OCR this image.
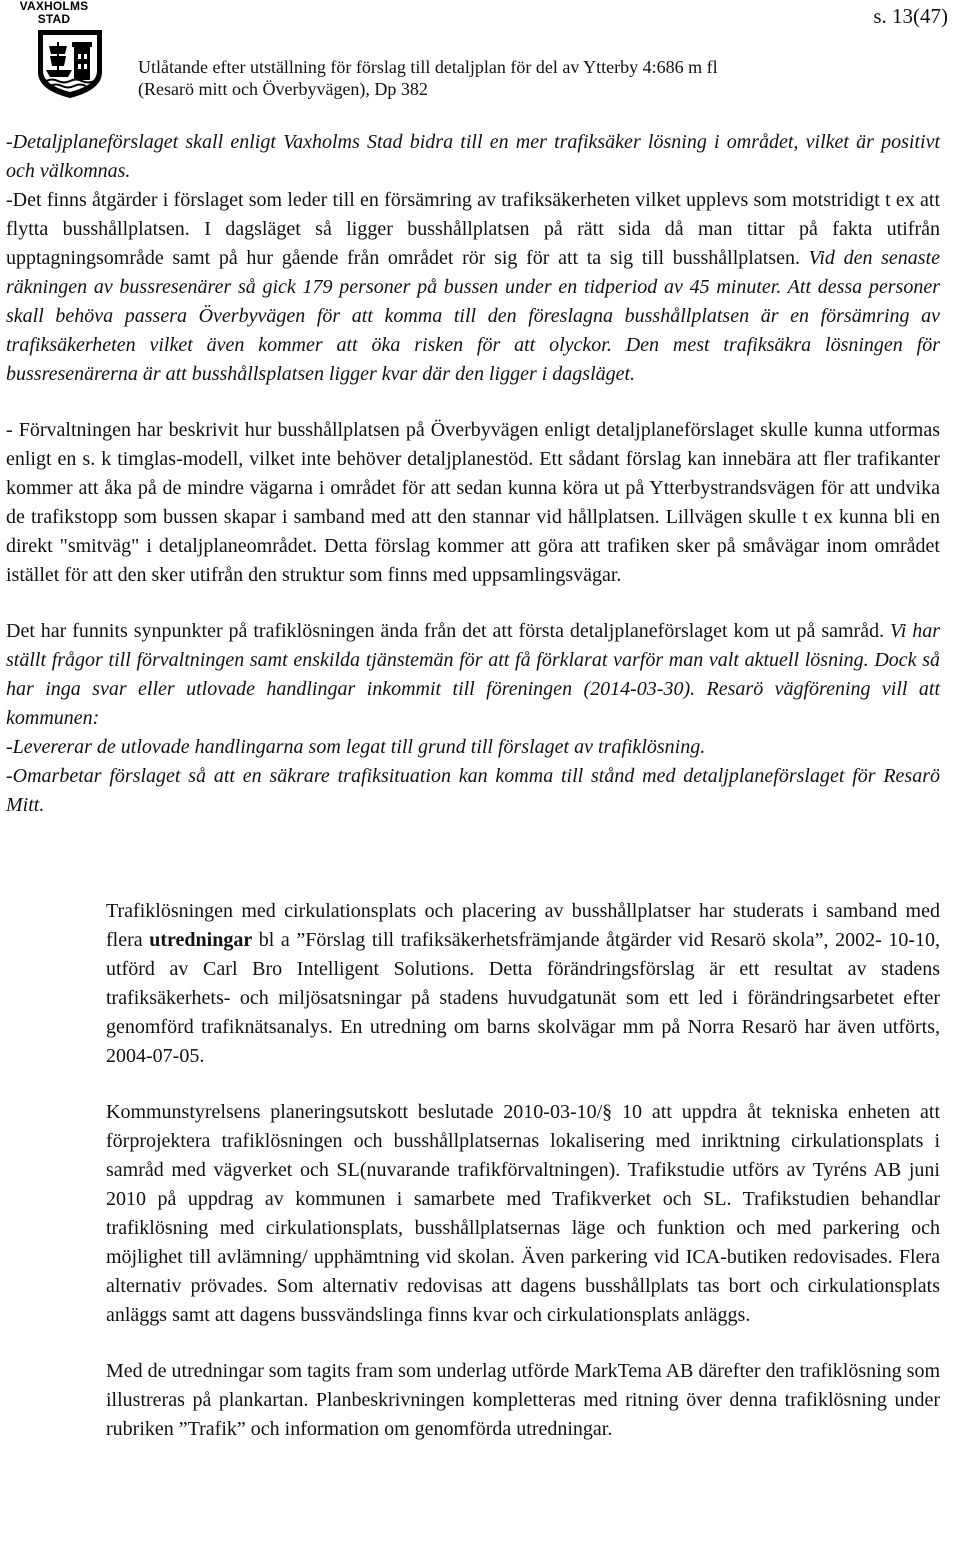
VAXHOLMS
STAD	s. 13(47)
Utlåtande efter utställning för förslag till detaljplan för del av Ytterby 4:686 m fl
(Resarö mitt och Överbyvägen), Dp 382

-Detaljplaneförslaget skall enligt Vaxholms Stad bidra till en mer trafiksäker lösning i området, vilket är positivt och välkomnas.
-Det finns åtgärder i förslaget som leder till en försämring av trafiksäkerheten vilket upplevs som motstridigt t ex att flytta busshållplatsen. I dagsläget så ligger busshållplatsen på rätt sida då man tittar på fakta utifrån upptagningsområde samt på hur gående från området rör sig för att ta sig till busshållplatsen. Vid den senaste räkningen av bussresenärer så gick 179 personer på bussen under en tidperiod av 45 minuter. Att dessa personer skall behöva passera Överbyvägen för att komma till den föreslagna busshållplatsen är en försämring av trafiksäkerheten vilket även kommer att öka risken för att olyckor. Den mest trafiksäkra lösningen för bussresenärerna är att busshållsplatsen ligger kvar där den ligger i dagsläget.

- Förvaltningen har beskrivit hur busshållplatsen på Överbyvägen enligt detaljplaneförslaget skulle kunna utformas enligt en s. k timglas-modell, vilket inte behöver detaljplanestöd. Ett sådant förslag kan innebära att fler trafikanter kommer att åka på de mindre vägarna i området för att sedan kunna köra ut på Ytterbystrandsvägen för att undvika de trafikstopp som bussen skapar i samband med att den stannar vid hållplatsen. Lillvägen skulle t ex kunna bli en direkt "smitväg" i detaljplaneområdet. Detta förslag kommer att göra att trafiken sker på småvägar inom området istället för att den sker utifrån den struktur som finns med uppsamlingsvägar.

Det har funnits synpunkter på trafiklösningen ända från det att första detaljplaneförslaget kom ut på samråd. Vi har ställt frågor till förvaltningen samt enskilda tjänstemän för att få förklarat varför man valt aktuell lösning. Dock så har inga svar eller utlovade handlingar inkommit till föreningen (2014-03-30). Resarö vägförening vill att kommunen:
-Levererar de utlovade handlingarna som legat till grund till förslaget av trafiklösning.
-Omarbetar förslaget så att en säkrare trafiksituation kan komma till stånd med detaljplaneförslaget för Resarö Mitt.

Trafiklösningen med cirkulationsplats och placering av busshållplatser har studerats i samband med flera utredningar bl a ”Förslag till trafiksäkerhetsfrämjande åtgärder vid Resarö skola”, 2002- 10-10, utförd av Carl Bro Intelligent Solutions. Detta förändringsförslag är ett resultat av stadens trafiksäkerhets- och miljösatsningar på stadens huvudgatunät som ett led i förändringsarbetet efter genomförd trafiknätsanalys. En utredning om barns skolvägar mm på Norra Resarö har även utförts, 2004-07-05.

Kommunstyrelsens planeringsutskott beslutade 2010-03-10/§ 10 att uppdra åt tekniska enheten att förprojektera trafiklösningen och busshållplatsernas lokalisering med inriktning cirkulationsplats i samråd med vägverket och SL(nuvarande trafikförvaltningen). Trafikstudie utförs av Tyréns AB juni 2010 på uppdrag av kommunen i samarbete med Trafikverket och SL. Trafikstudien behandlar trafiklösning med cirkulationsplats, busshållplatsernas läge och funktion och med parkering och möjlighet till avlämning/ upphämtning vid skolan. Även parkering vid ICA-butiken redovisades. Flera alternativ prövades. Som alternativ redovisas att dagens busshållplats tas bort och cirkulationsplats anläggs samt att dagens bussvändslinga finns kvar och cirkulationsplats anläggs.

Med de utredningar som tagits fram som underlag utförde MarkTema AB därefter den trafiklösning som illustreras på plankartan. Planbeskrivningen kompletteras med ritning över denna trafiklösning under rubriken ”Trafik” och information om genomförda utredningar.
